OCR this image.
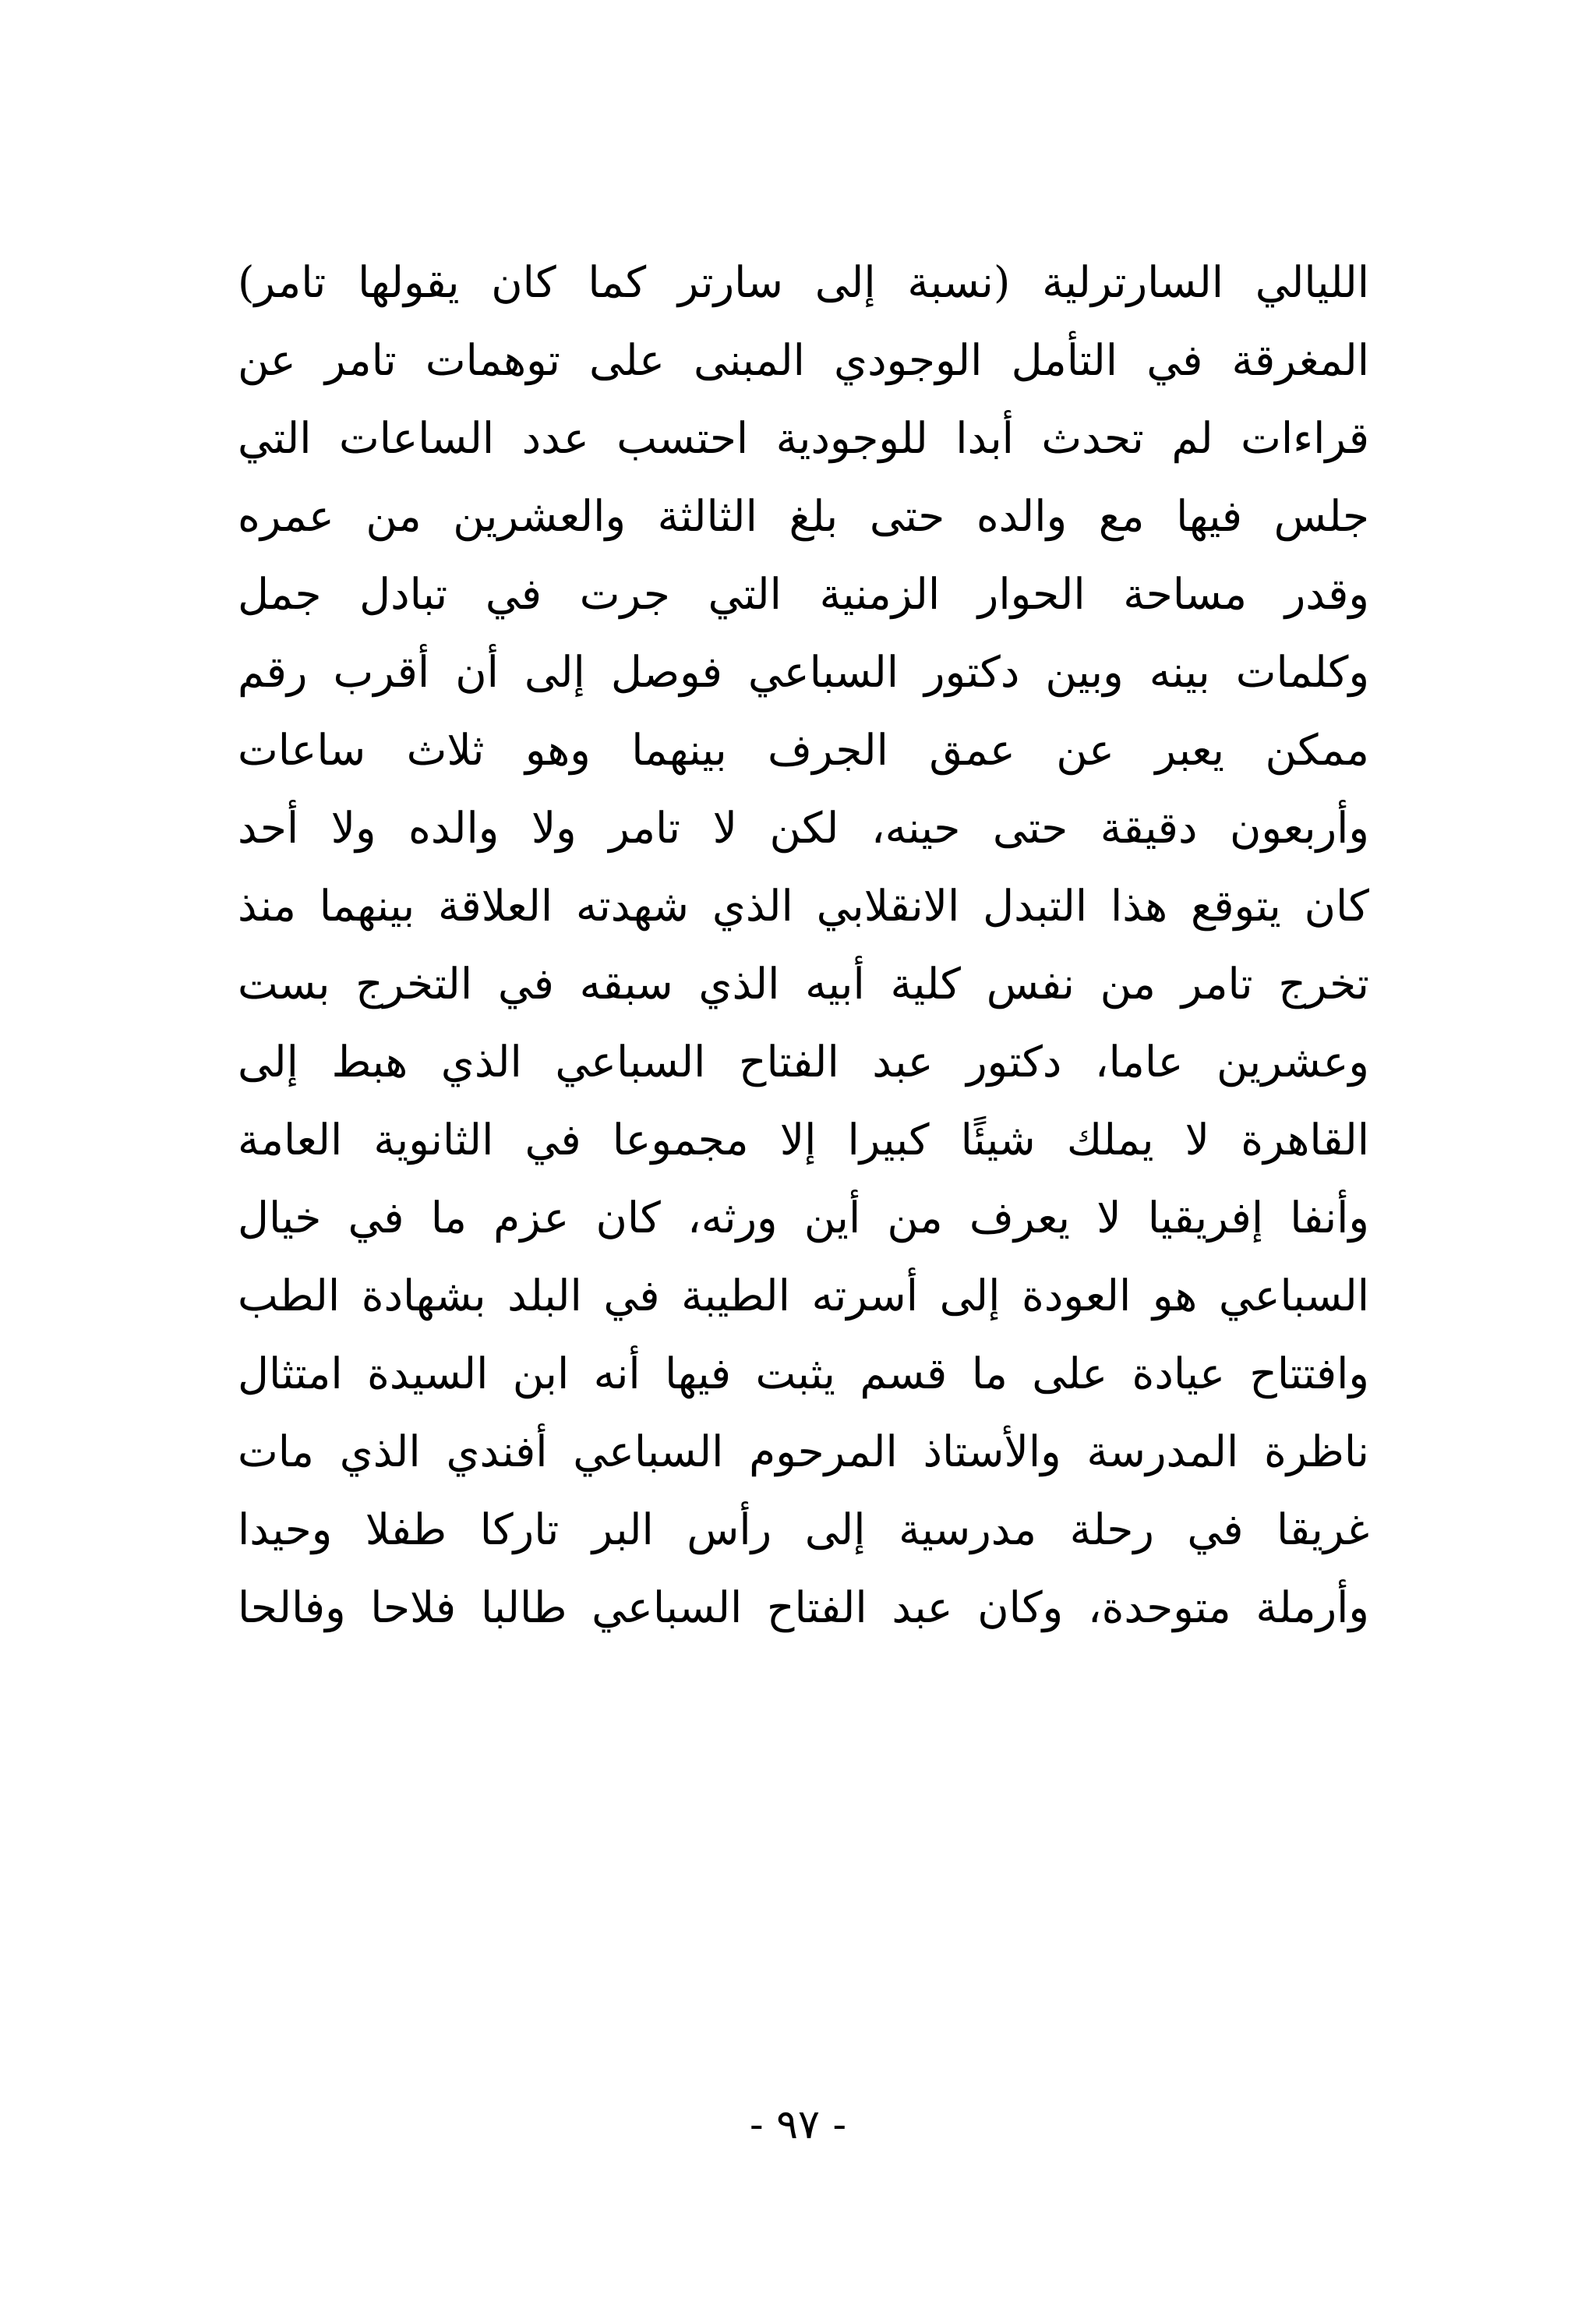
الليالي السارترلية (نسبة إلى سارتر كما كان يقولها تامر)
المغرقة في التأمل الوجودي المبنى على توهمات تامر عن
قراءات لم تحدث أبدا للوجودية احتسب عدد الساعات التي
جلس فيها مع والده حتى بلغ الثالثة والعشرين من عمره
وقدر مساحة الحوار الزمنية التي جرت في تبادل جمل
وكلمات بينه وبين دكتور السباعي فوصل إلى أن أقرب رقم
ممكن يعبر عن عمق الجرف بينهما وهو ثلاث ساعات
وأربعون دقيقة حتى حينه، لكن لا تامر ولا والده ولا أحد
كان يتوقع هذا التبدل الانقلابي الذي شهدته العلاقة بينهما منذ
تخرج تامر من نفس كلية أبيه الذي سبقه في التخرج بست
وعشرين عاما، دكتور عبد الفتاح السباعي الذي هبط إلى
القاهرة لا يملك شيئًا كبيرا إلا مجموعا في الثانوية العامة
وأنفا إفريقيا لا يعرف من أين ورثه، كان عزم ما في خيال
السباعي هو العودة إلى أسرته الطيبة في البلد بشهادة الطب
وافتتاح عيادة على ما قسم يثبت فيها أنه ابن السيدة امتثال
ناظرة المدرسة والأستاذ المرحوم السباعي أفندي الذي مات
غريقا في رحلة مدرسية إلى رأس البر تاركا طفلا وحيدا
وأرملة متوحدة، وكان عبد الفتاح السباعي طالبا فلاحا وفالحا
- ٩٧ -
